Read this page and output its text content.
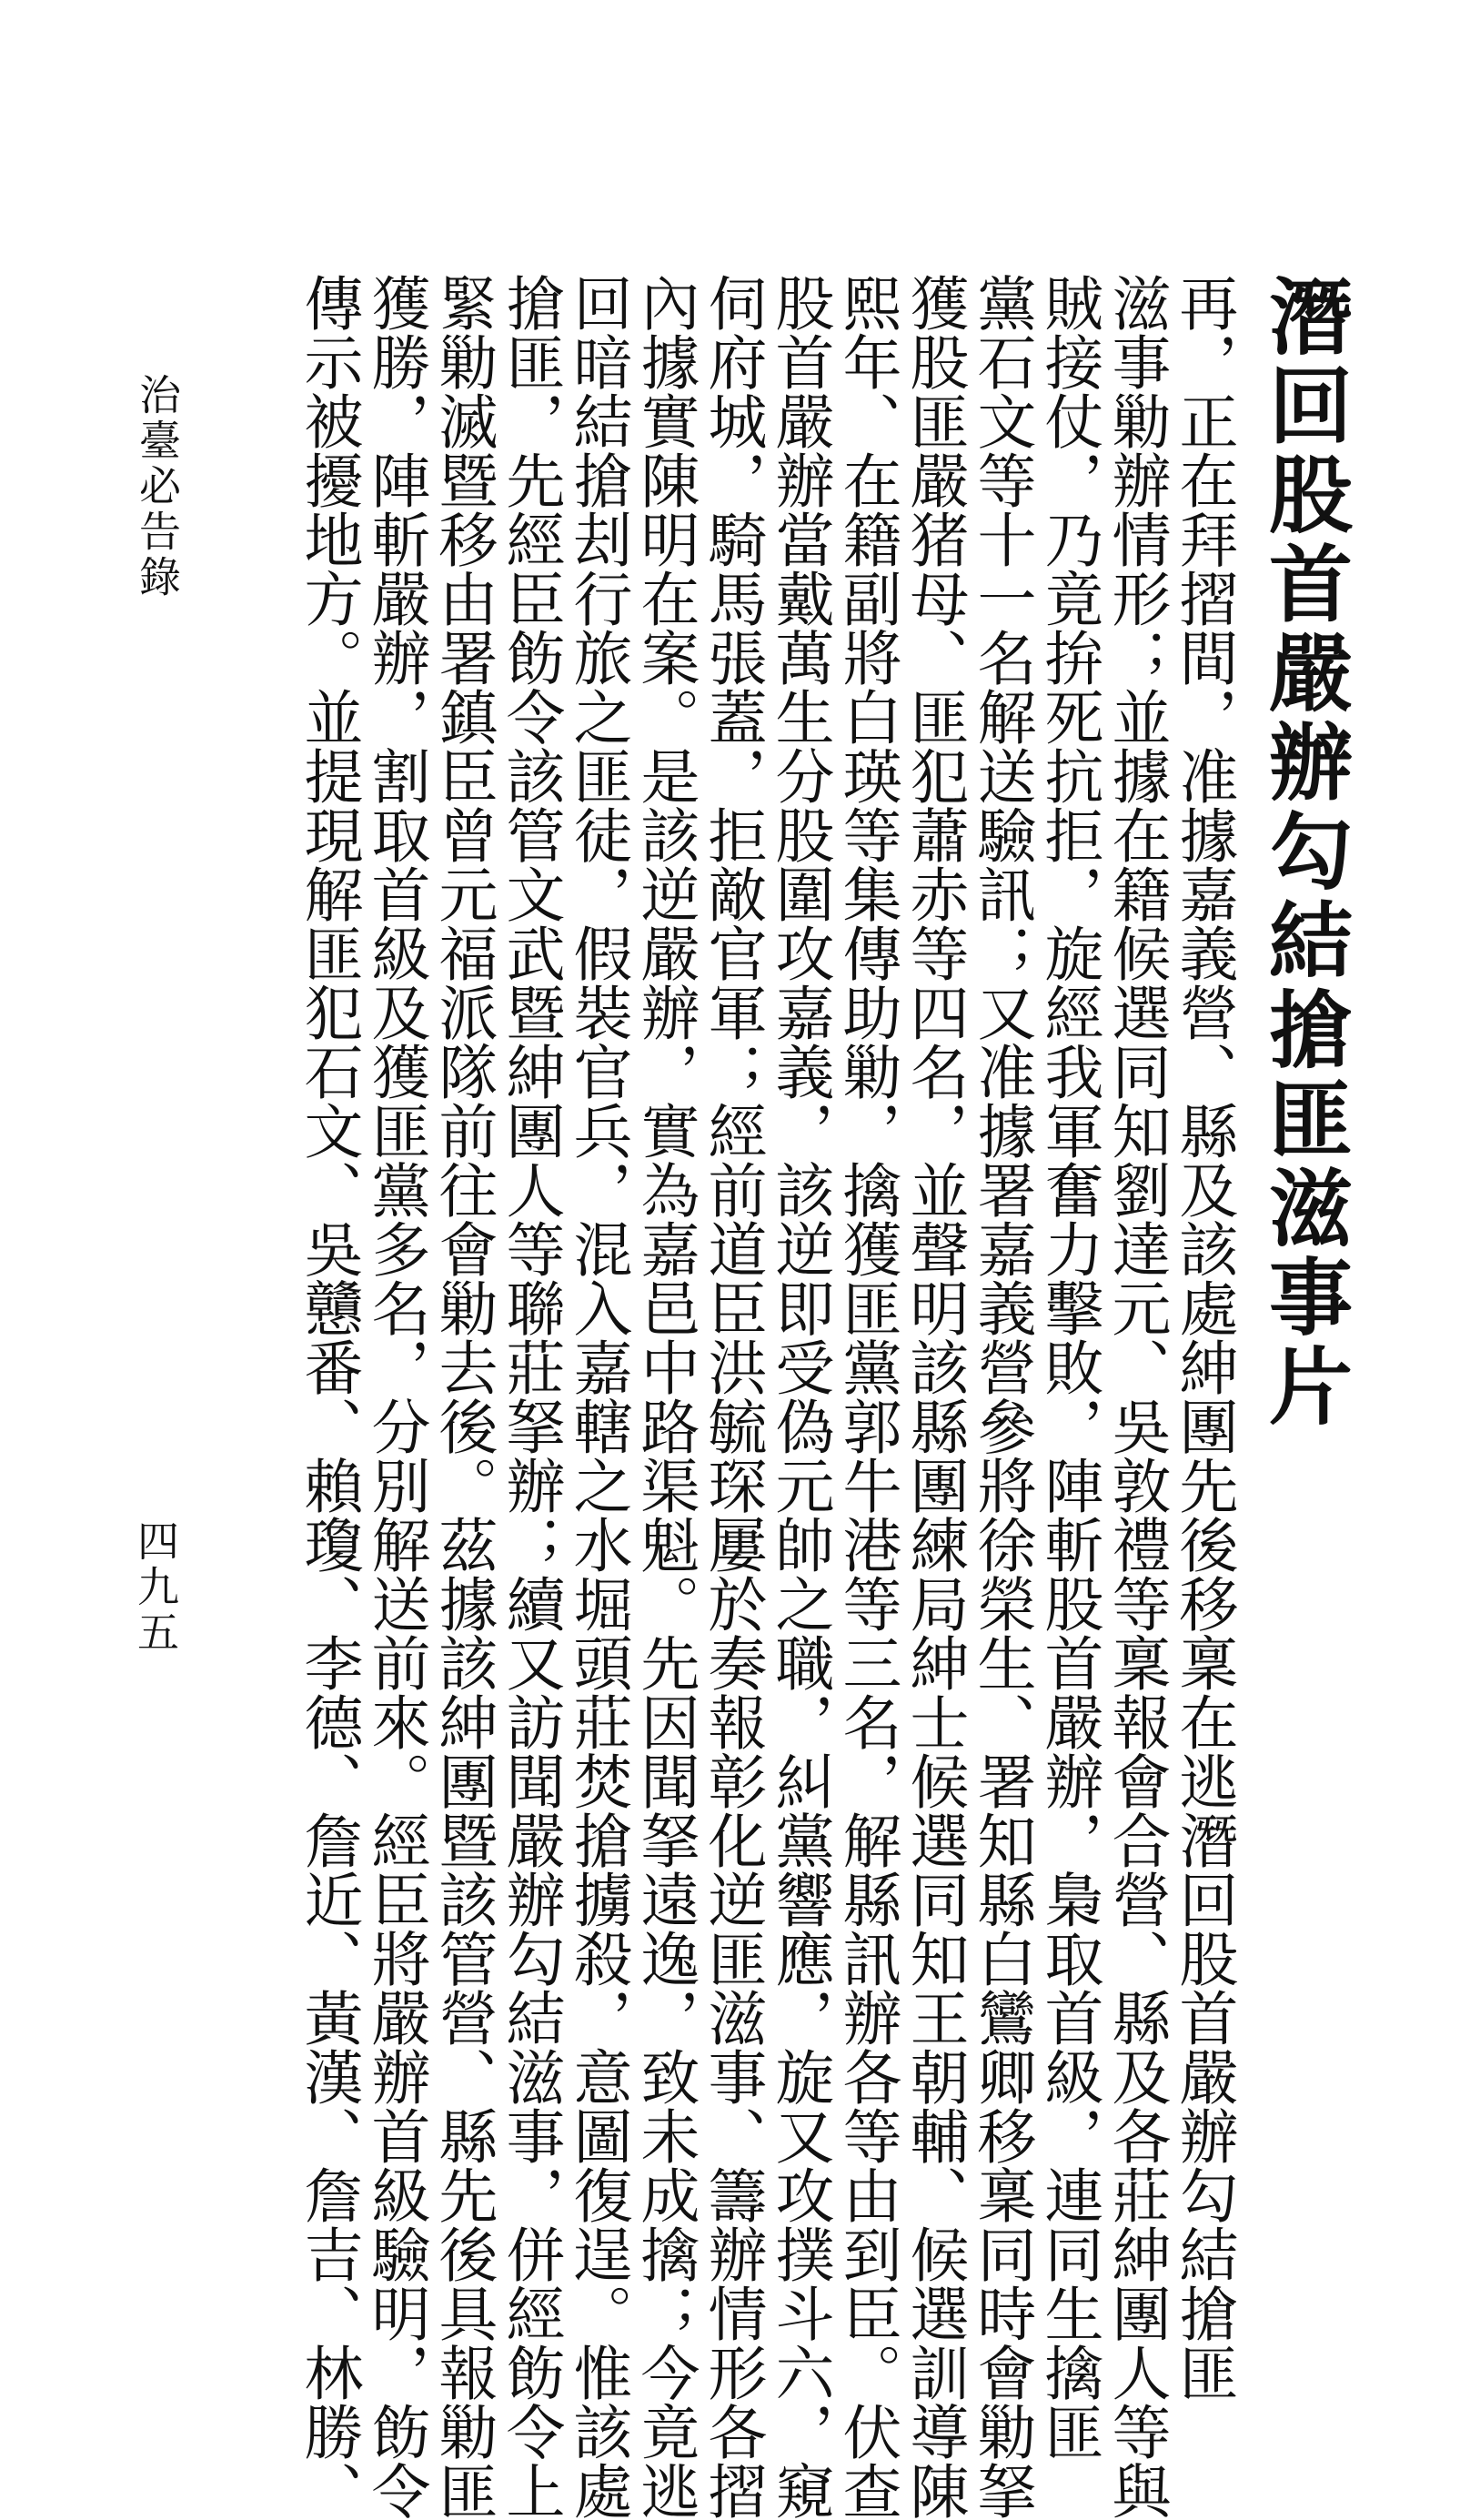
潛回股首嚴辦勾結搶匪滋事片
再，正在拜摺間，准據嘉義營、縣及該處紳團先後移稟在逃潛回股首嚴辦勾結搶匪
滋事勦辦情形；並據在籍候選同知劉達元、吳敦禮等稟報會合營、縣及各莊紳團人等與
賊接仗，乃竟拚死抗拒，旋經我軍奮力擊敗，陣斬股首嚴辦，梟取首級，連同生擒匪
黨石文等十一名解送驗訊；又准據署嘉義營參將徐榮生、署知縣白鸞卿移稟同時會勦拏
獲股匪嚴猪母、匪犯蕭赤等四名，並聲明該縣團練局紳士候選同知王朝輔、候選訓導陳
熙年、在籍副將白瑛等集傳助勦，擒獲匪黨郭牛港等三名，解縣訊辦各等由到臣。伏查
股首嚴辦當戴萬生分股圍攻嘉義，該逆即受偽元帥之職，糾黨響應，旋又攻撲斗六，窺
伺府城，騎馬張蓋，拒敵官軍；經前道臣洪毓琛屢於奏報彰化逆匪滋事、籌辦情形各摺
內據實陳明在案。是該逆嚴辦，實為嘉邑中路渠魁。先因聞拏遠逸，致未成擒；今竟逃
回暗結搶刦行旅之匪徒，假裝官兵，混入嘉轄之水堀頭莊焚搶擄殺，意圖復逞。惟該處
搶匪，先經臣飭令該管文武暨紳團人等聯莊拏辦；續又訪聞嚴辦勾結滋事，併經飭令上
緊勦滅暨移由署鎮臣曾元福派隊前往會勦去後。茲據該紳團暨該管營、縣先後具報勦匪
獲勝，陣斬嚴辦，割取首級及獲匪黨多名，分別解送前來。經臣將嚴辦首級驗明，飭令
傳示被擾地方。並提現解匪犯石文、吳戇番、賴瓊、李德、詹近、黃漢、詹吉、林勝、
治臺必告錄
四九五
